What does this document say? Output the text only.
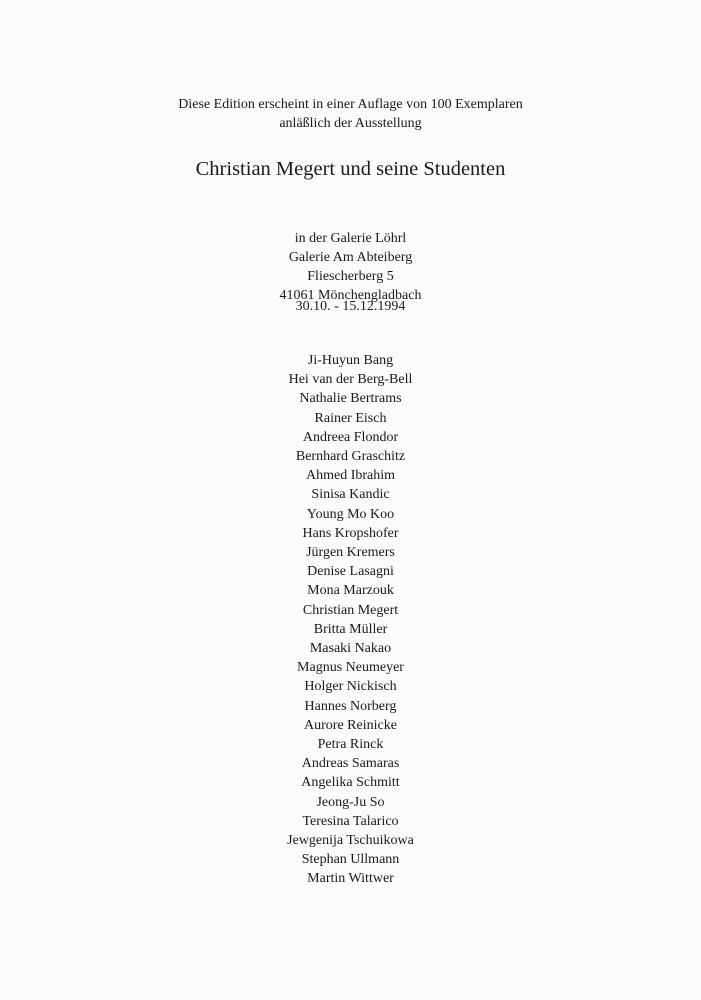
Diese Edition erscheint in einer Auflage von 100 Exemplaren
anläßlich der Ausstellung
Christian Megert und seine Studenten
in der Galerie Löhrl
Galerie Am Abteiberg
Fliescherberg 5
41061 Mönchengladbach
30.10. - 15.12.1994
Ji-Huyun Bang
Hei van der Berg-Bell
Nathalie Bertrams
Rainer Eisch
Andreea Flondor
Bernhard Graschitz
Ahmed Ibrahim
Sinisa Kandic
Young Mo Koo
Hans Kropshofer
Jürgen Kremers
Denise Lasagni
Mona Marzouk
Christian Megert
Britta Müller
Masaki Nakao
Magnus Neumeyer
Holger Nickisch
Hannes Norberg
Aurore Reinicke
Petra Rinck
Andreas Samaras
Angelika Schmitt
Jeong-Ju So
Teresina Talarico
Jewgenija Tschuikowa
Stephan Ullmann
Martin Wittwer
